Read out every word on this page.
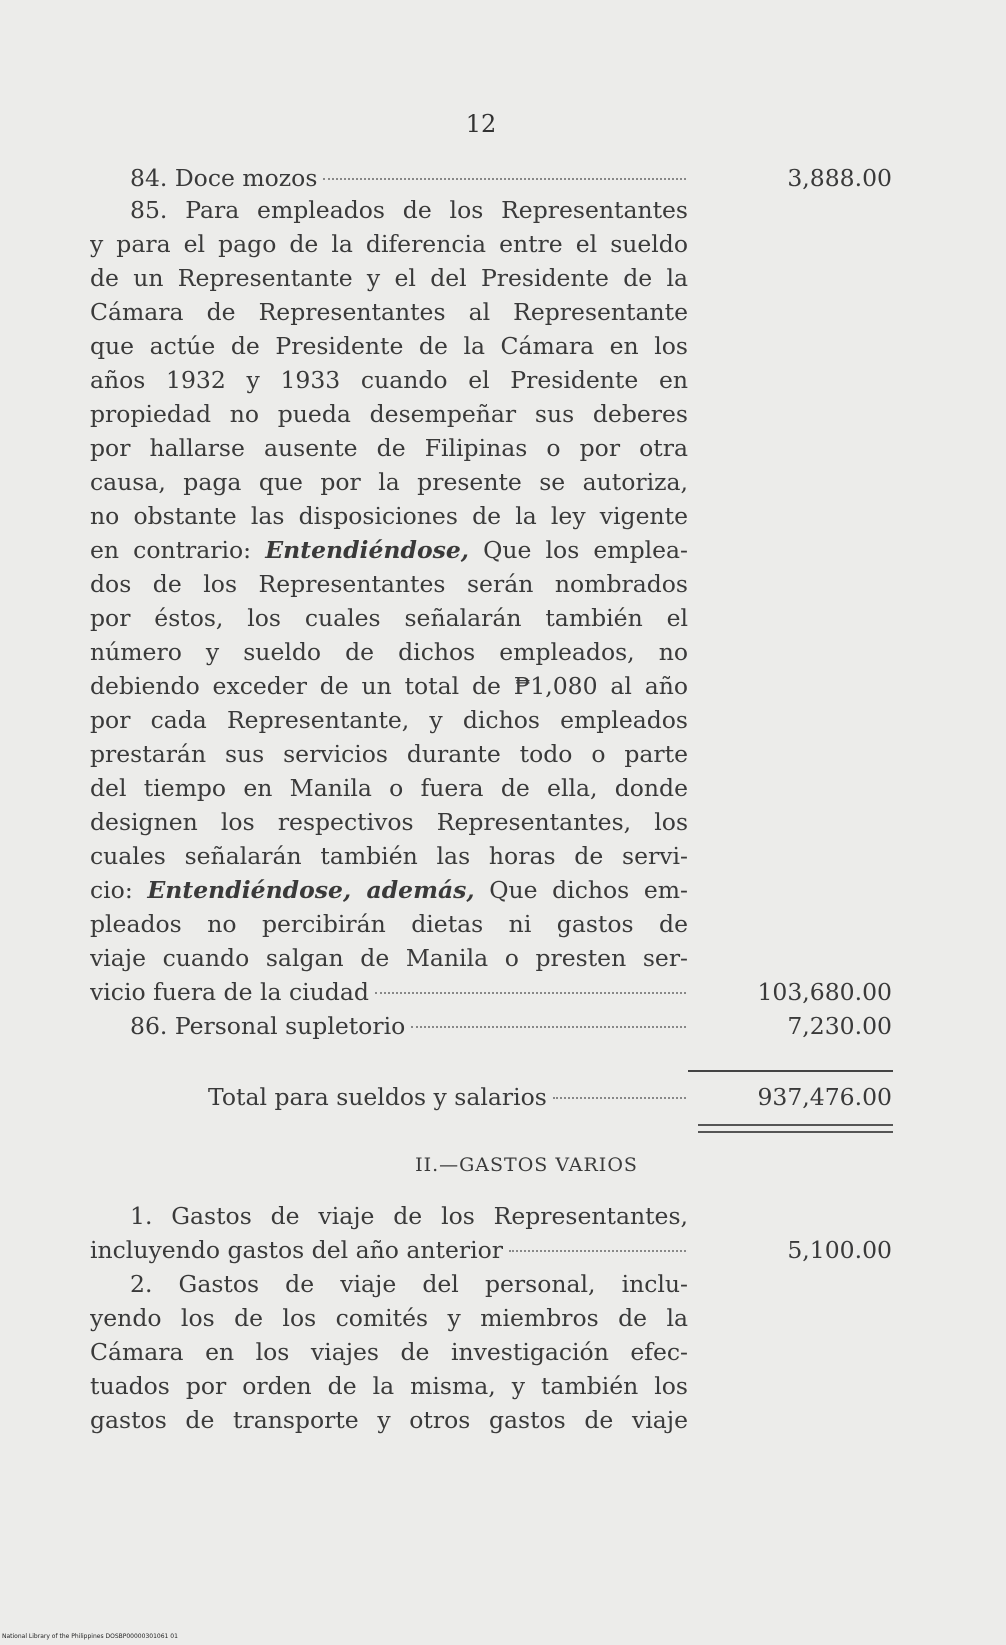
12
84. Doce mozos	3,888.00
85. Para empleados de los Representantes
y para el pago de la diferencia entre el sueldo
de un Representante y el del Presidente de la
Cámara de Representantes al Representante
que actúe de Presidente de la Cámara en los
años 1932 y 1933 cuando el Presidente en
propiedad no pueda desempeñar sus deberes
por hallarse ausente de Filipinas o por otra
causa, paga que por la presente se autoriza,
no obstante las disposiciones de la ley vigente
en contrario: Entendiéndose, Que los emplea-
dos de los Representantes serán nombrados
por éstos, los cuales señalarán también el
número y sueldo de dichos empleados, no
debiendo exceder de un total de ₱1,080 al año
por cada Representante, y dichos empleados
prestarán sus servicios durante todo o parte
del tiempo en Manila o fuera de ella, donde
designen los respectivos Representantes, los
cuales señalarán también las horas de servi-
cio: Entendiéndose, además, Que dichos em-
pleados no percibirán dietas ni gastos de
viaje cuando salgan de Manila o presten ser-
vicio fuera de la ciudad	103,680.00
86. Personal supletorio	7,230.00
Total para sueldos y salarios	937,476.00
II.—GASTOS VARIOS
1. Gastos de viaje de los Representantes,
incluyendo gastos del año anterior	5,100.00
2. Gastos de viaje del personal, inclu-
yendo los de los comités y miembros de la
Cámara en los viajes de investigación efec-
tuados por orden de la misma, y también los
gastos de transporte y otros gastos de viaje
National Library of the Philippines DOSBP00000301061 01
